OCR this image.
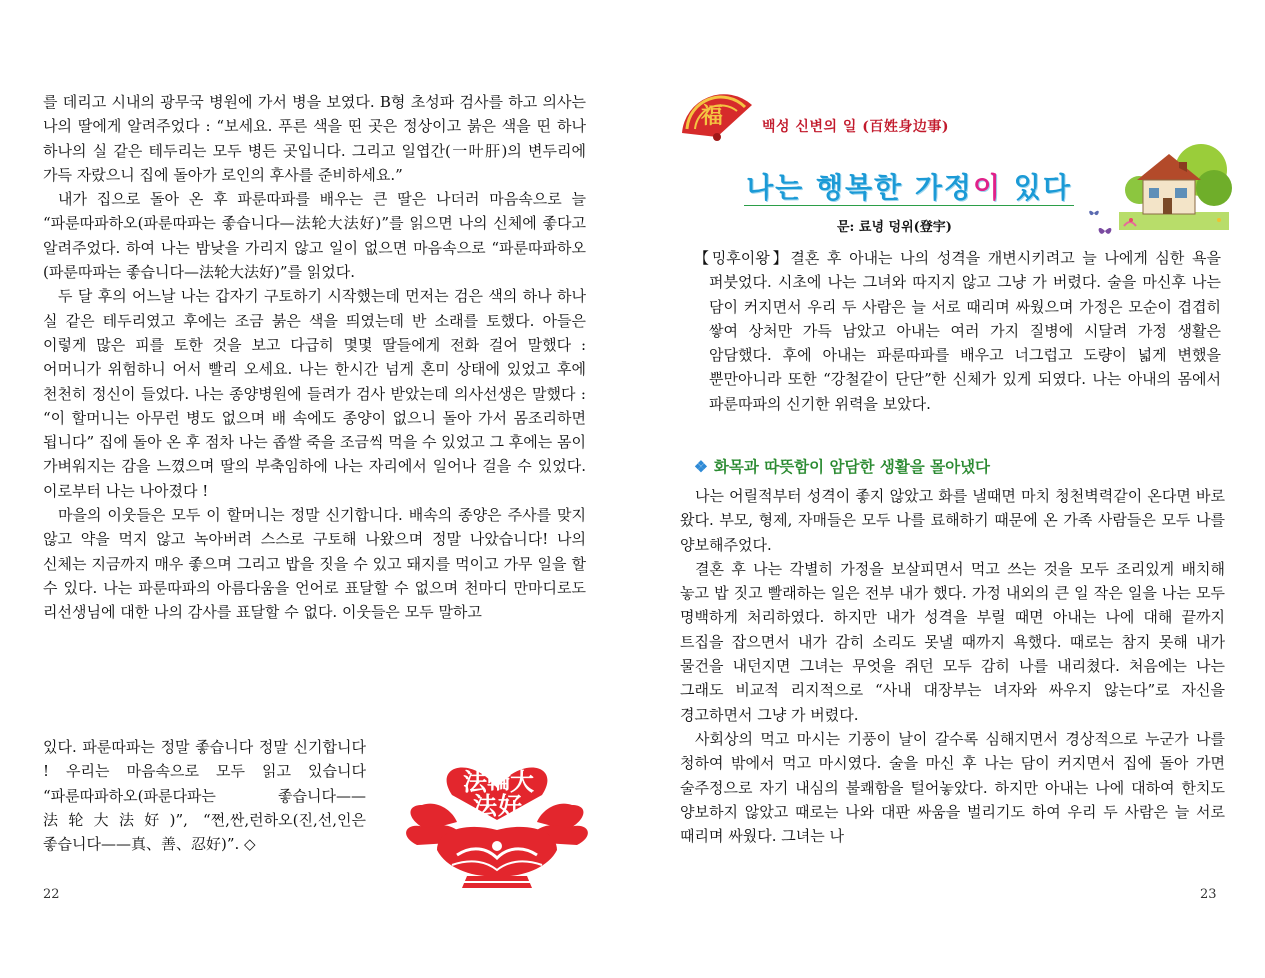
를 데리고 시내의 광무국 병원에 가서 병을 보였다. B형 초성파 검사를 하고 의사는 나의 딸에게 알려주었다 : “보세요. 푸른 색을 띤 곳은 정상이고 붉은 색을 띤 하나 하나의 실 같은 테두리는 모두 병든 곳입니다. 그리고 일엽간(一叶肝)의 변두리에 가득 자랐으니 집에 돌아가 로인의 후사를 준비하세요.”

내가 집으로 돌아 온 후 파룬따파를 배우는 큰 딸은 나더러 마음속으로 늘 “파룬따파하오(파룬따파는 좋습니다—法轮大法好)”를 읽으면 나의 신체에 좋다고 알려주었다. 하여 나는 밤낮을 가리지 않고 일이 없으면 마음속으로 “파룬따파하오(파룬따파는 좋습니다—法轮大法好)”를 읽었다.

두 달 후의 어느날 나는 갑자기 구토하기 시작했는데 먼저는 검은 색의 하나 하나 실 같은 테두리였고 후에는 조금 붉은 색을 띄였는데 반 소래를 토했다. 아들은 이렇게 많은 피를 토한 것을 보고 다급히 몇몇 딸들에게 전화 걸어 말했다 : 어머니가 위험하니 어서 빨리 오세요. 나는 한시간 넘게 혼미 상태에 있었고 후에 천천히 정신이 들었다. 나는 종양병원에 들려가 검사 받았는데 의사선생은 말했다 : “이 할머니는 아무런 병도 없으며 배 속에도 종양이 없으니 돌아 가서 몸조리하면 됩니다” 집에 돌아 온 후 점차 나는 좁쌀 죽을 조금씩 먹을 수 있었고 그 후에는 몸이 가벼워지는 감을 느꼈으며 딸의 부축임하에 나는 자리에서 일어나 걸을 수 있었다. 이로부터 나는 나아졌다 !

마을의 이웃들은 모두 이 할머니는 정말 신기합니다. 배속의 종양은 주사를 맞지 않고 약을 먹지 않고 녹아버려 스스로 구토해 나왔으며 정말 나았습니다! 나의 신체는 지금까지 매우 좋으며 그리고 밥을 짓을 수 있고 돼지를 먹이고 가무 일을 할 수 있다. 나는 파룬따파의 아름다움을 언어로 표달할 수 없으며 천마디 만마디로도 리선생님에 대한 나의 감사를 표달할 수 없다. 이웃들은 모두 말하고

있다. 파룬따파는 정말 좋습니다 정말 신기합니다 ! 우리는 마음속으로 모두 읽고 있습니다 “파룬따파하오(파룬다파는 좋습니다——法轮大法好)”, “쩐,싼,런하오(진,선,인은 좋습니다——真、善、忍好)”. ◇

法 輪 大
法 好
22
福	백성 신변의 일 (百姓身边事)
나는 행복한 가정이 있다
문: 료녕 덩위(登宇)

【밍후이왕】결혼 후 아내는 나의 성격을 개변시키려고 늘 나에게 심한 욕을 퍼붓었다. 시초에 나는 그녀와 따지지 않고 그냥 가 버렸다. 술을 마신후 나는 담이 커지면서 우리 두 사람은 늘 서로 때리며 싸웠으며 가정은 모순이 겹겹히 쌓여 상처만 가득 남았고 아내는 여러 가지 질병에 시달려 가정 생활은 암담했다. 후에 아내는 파룬따파를 배우고 너그럽고 도량이 넓게 변했을 뿐만아니라 또한 “강철같이 단단”한 신체가 있게 되였다. 나는 아내의 몸에서 파룬따파의 신기한 위력을 보았다.

❖ 화목과 따뜻함이 암담한 생활을 몰아냈다

나는 어릴적부터 성격이 좋지 않았고 화를 낼때면 마치 청천벽력같이 온다면 바로 왔다. 부모, 형제, 자매들은 모두 나를 료해하기 때문에 온 가족 사람들은 모두 나를 양보해주었다.

결혼 후 나는 각별히 가정을 보살피면서 먹고 쓰는 것을 모두 조리있게 배치해 놓고 밥 짓고 빨래하는 일은 전부 내가 했다. 가정 내외의 큰 일 작은 일을 나는 모두 명백하게 처리하였다. 하지만 내가 성격을 부릴 때면 아내는 나에 대해 끝까지 트집을 잡으면서 내가 감히 소리도 못낼 때까지 욕했다. 때로는 참지 못해 내가 물건을 내던지면 그녀는 무엇을 쥐던 모두 감히 나를 내리쳤다. 처음에는 나는 그래도 비교적 리지적으로 “사내 대장부는 녀자와 싸우지 않는다”로 자신을 경고하면서 그냥 가 버렸다.

사회상의 먹고 마시는 기풍이 날이 갈수록 심해지면서 경상적으로 누군가 나를 청하여 밖에서 먹고 마시였다. 술을 마신 후 나는 담이 커지면서 집에 돌아 가면 술주정으로 자기 내심의 불쾌함을 털어놓았다. 하지만 아내는 나에 대하여 한치도 양보하지 않았고 때로는 나와 대판 싸움을 벌리기도 하여 우리 두 사람은 늘 서로 때리며 싸웠다. 그녀는 나

23
